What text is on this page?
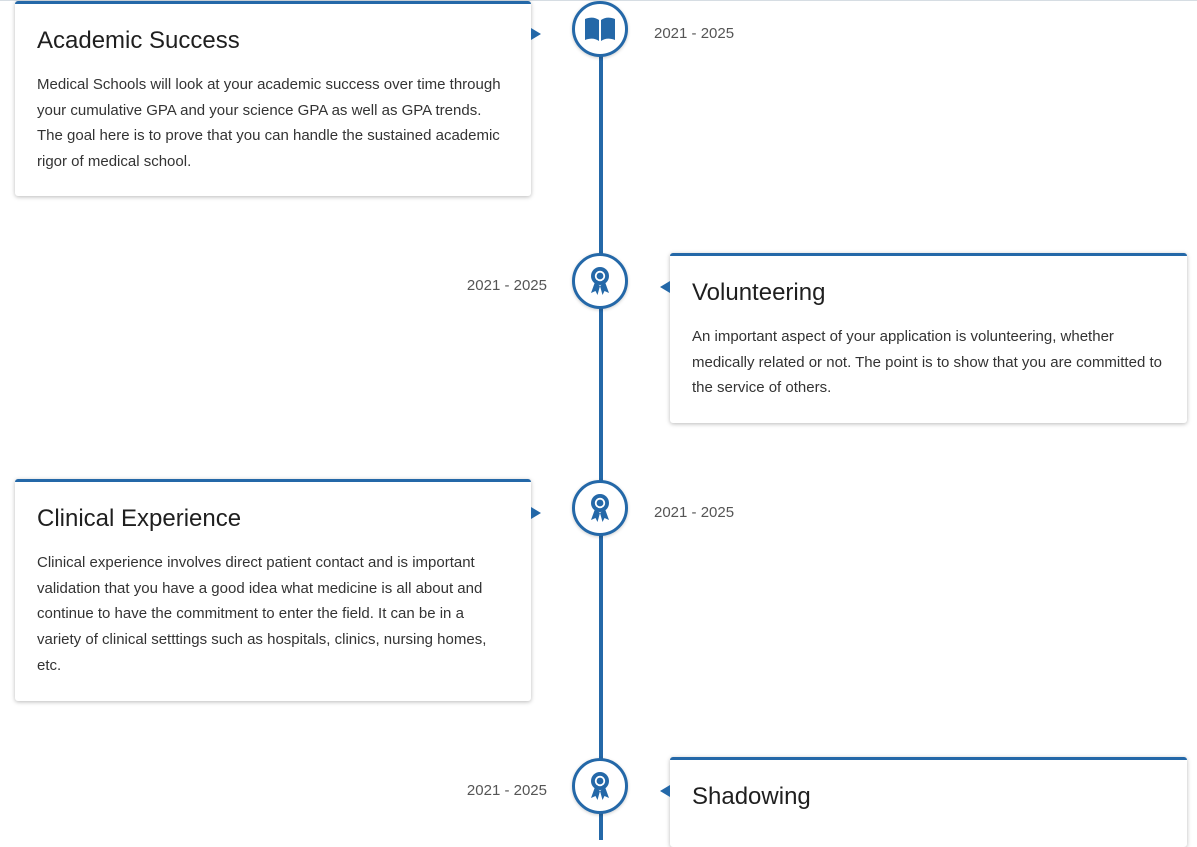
Academic Success

Medical Schools will look at your academic success over time through your cumulative GPA and your science GPA as well as GPA trends. The goal here is to prove that you can handle the sustained academic rigor of medical school.

2021 - 2025
Volunteering

An important aspect of your application is volunteering, whether medically related or not. The point is to show that you are committed to the service of others.

2021 - 2025
Clinical Experience

Clinical experience involves direct patient contact and is important validation that you have a good idea what medicine is all about and continue to have the commitment to enter the field. It can be in a variety of clinical setttings such as hospitals, clinics, nursing homes, etc.

2021 - 2025
Shadowing

2021 - 2025
